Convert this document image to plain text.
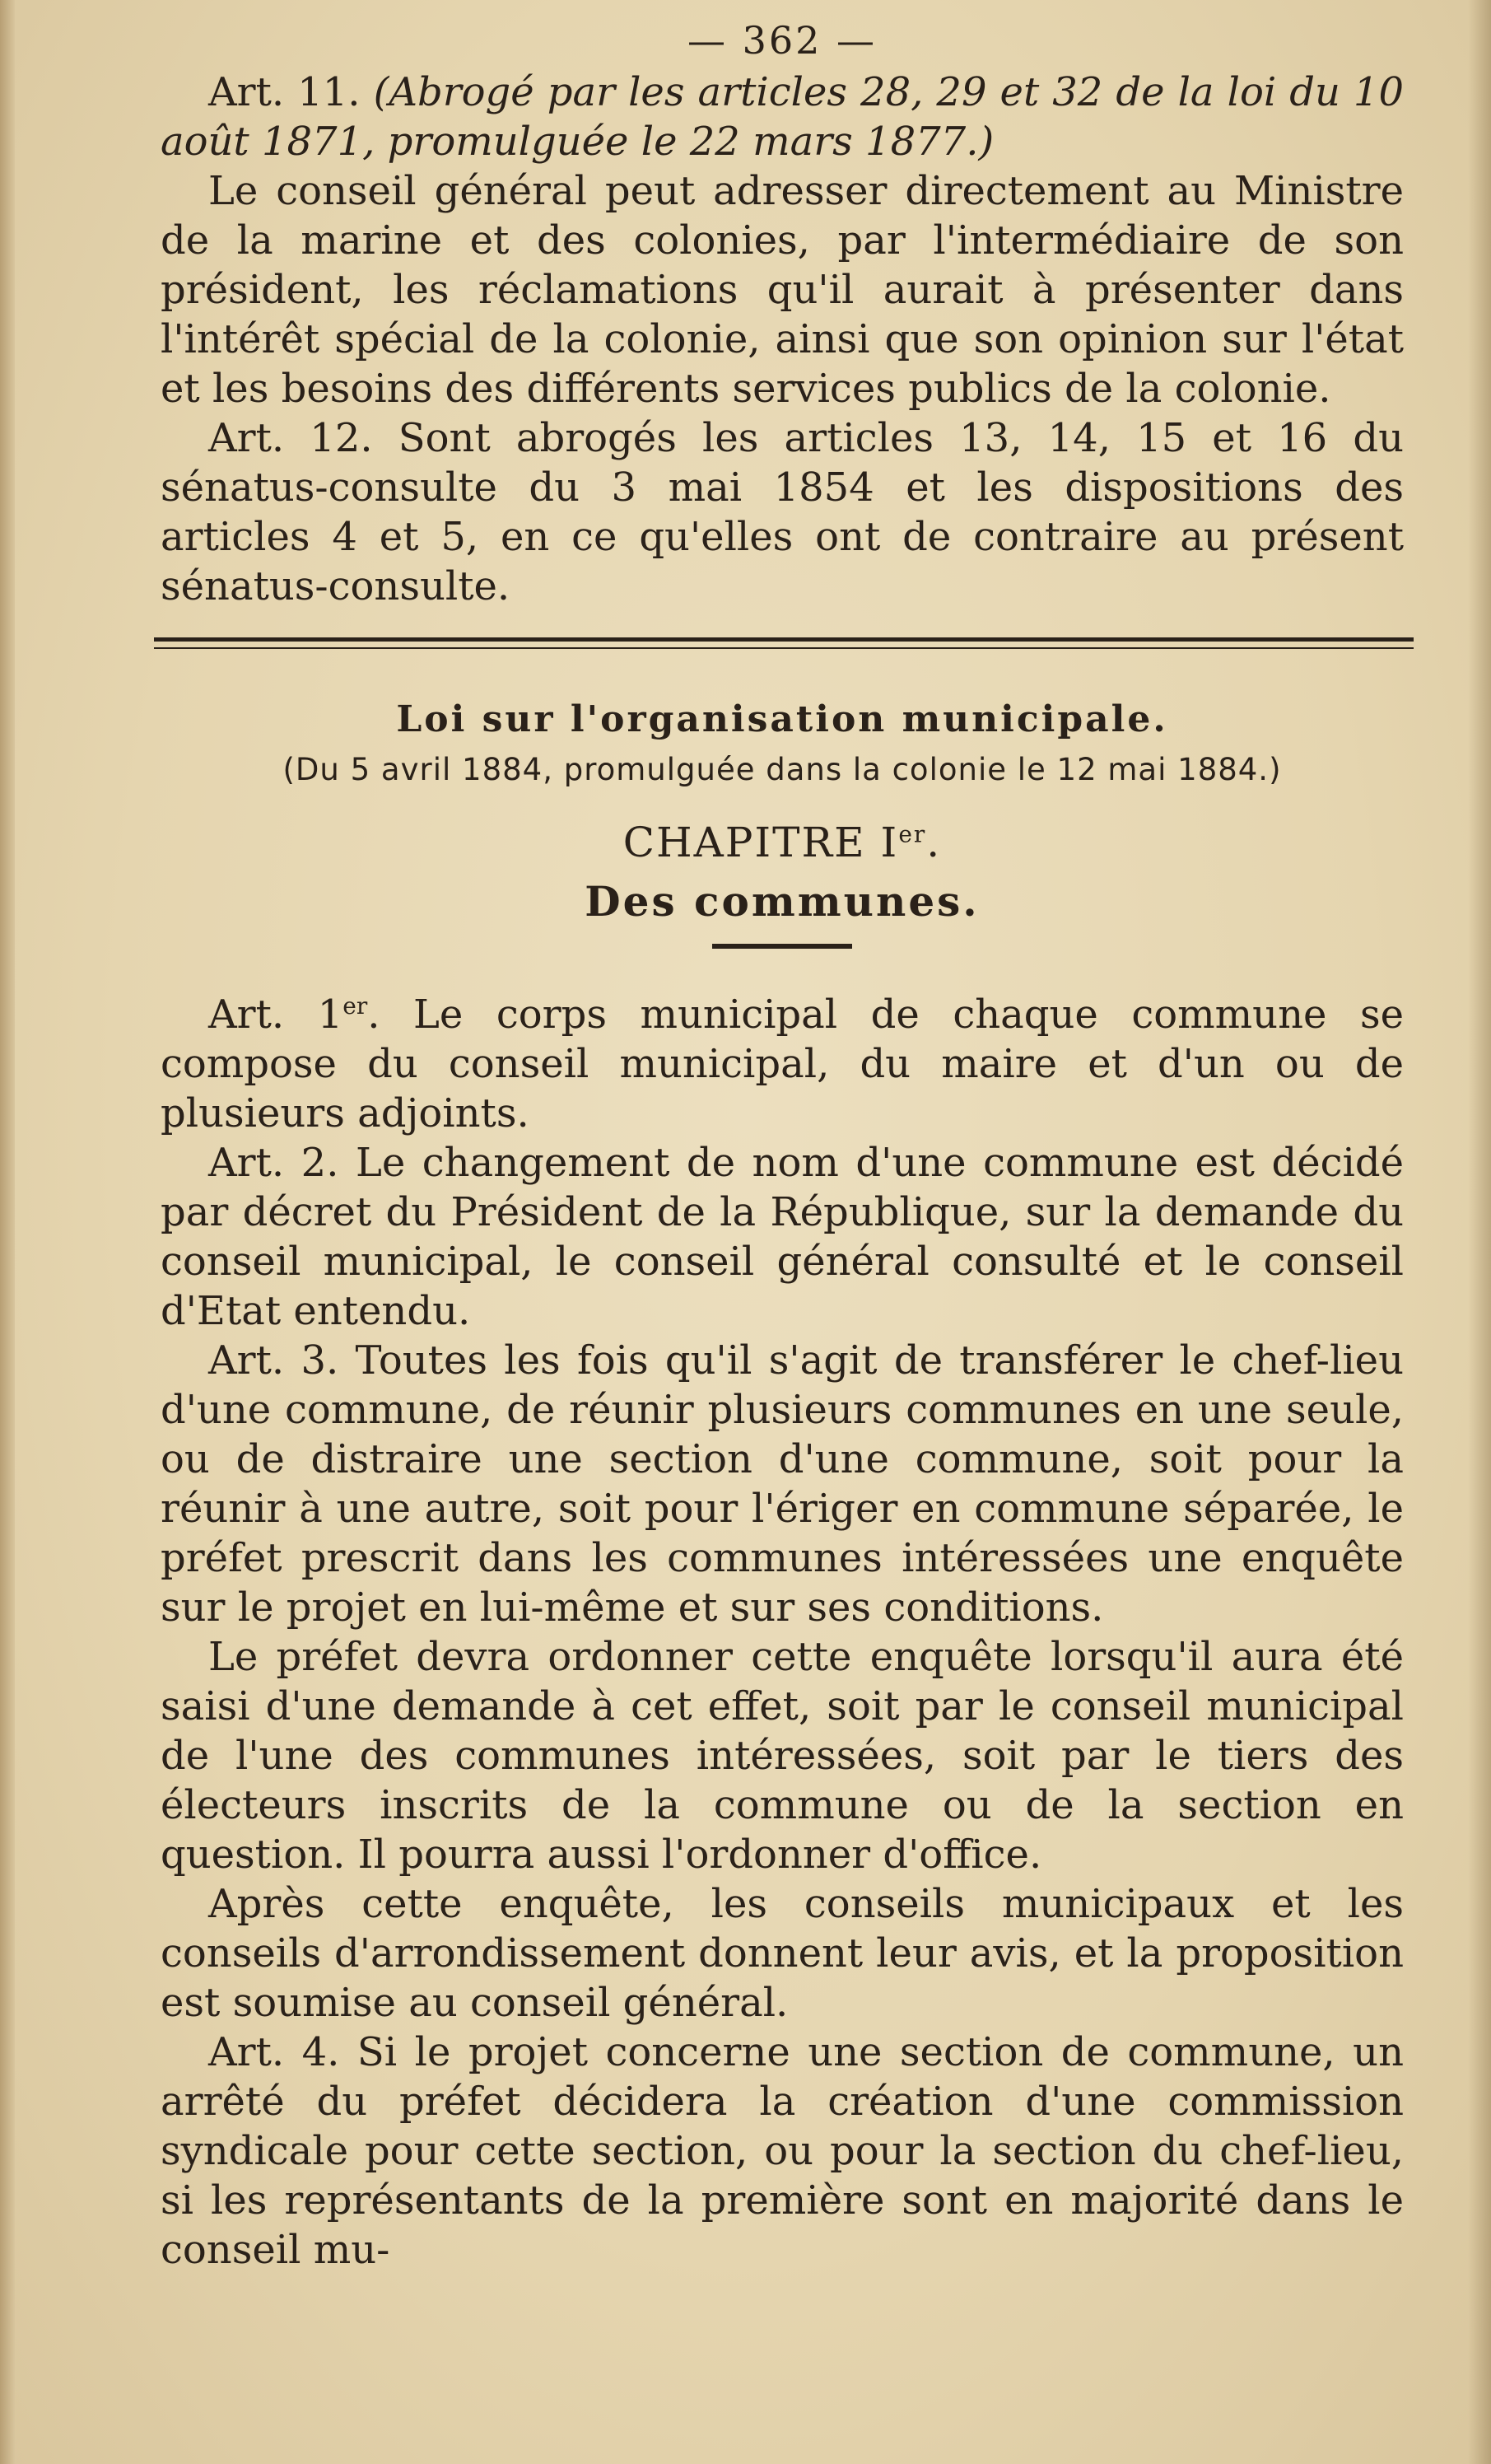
— 362 —

Art. 11. (Abrogé par les articles 28, 29 et 32 de la loi du 10 août 1871, promulguée le 22 mars 1877.)

Le conseil général peut adresser directement au Ministre de la marine et des colonies, par l'intermédiaire de son président, les réclamations qu'il aurait à présenter dans l'intérêt spécial de la colonie, ainsi que son opinion sur l'état et les besoins des différents services publics de la colonie.

Art. 12. Sont abrogés les articles 13, 14, 15 et 16 du sénatus-consulte du 3 mai 1854 et les dispositions des articles 4 et 5, en ce qu'elles ont de contraire au présent sénatus-consulte.

Loi sur l'organisation municipale.
(Du 5 avril 1884, promulguée dans la colonie le 12 mai 1884.)
CHAPITRE Ier.
Des communes.

Art. 1er. Le corps municipal de chaque commune se compose du conseil municipal, du maire et d'un ou de plusieurs adjoints.

Art. 2. Le changement de nom d'une commune est décidé par décret du Président de la République, sur la demande du conseil municipal, le conseil général consulté et le conseil d'Etat entendu.

Art. 3. Toutes les fois qu'il s'agit de transférer le chef-lieu d'une commune, de réunir plusieurs communes en une seule, ou de distraire une section d'une commune, soit pour la réunir à une autre, soit pour l'ériger en commune séparée, le préfet prescrit dans les communes intéressées une enquête sur le projet en lui-même et sur ses conditions.

Le préfet devra ordonner cette enquête lorsqu'il aura été saisi d'une demande à cet effet, soit par le conseil municipal de l'une des communes intéressées, soit par le tiers des électeurs inscrits de la commune ou de la section en question. Il pourra aussi l'ordonner d'office.

Après cette enquête, les conseils municipaux et les conseils d'arrondissement donnent leur avis, et la proposition est soumise au conseil général.

Art. 4. Si le projet concerne une section de commune, un arrêté du préfet décidera la création d'une commission syndicale pour cette section, ou pour la section du chef-lieu, si les représentants de la première sont en majorité dans le conseil mu-
